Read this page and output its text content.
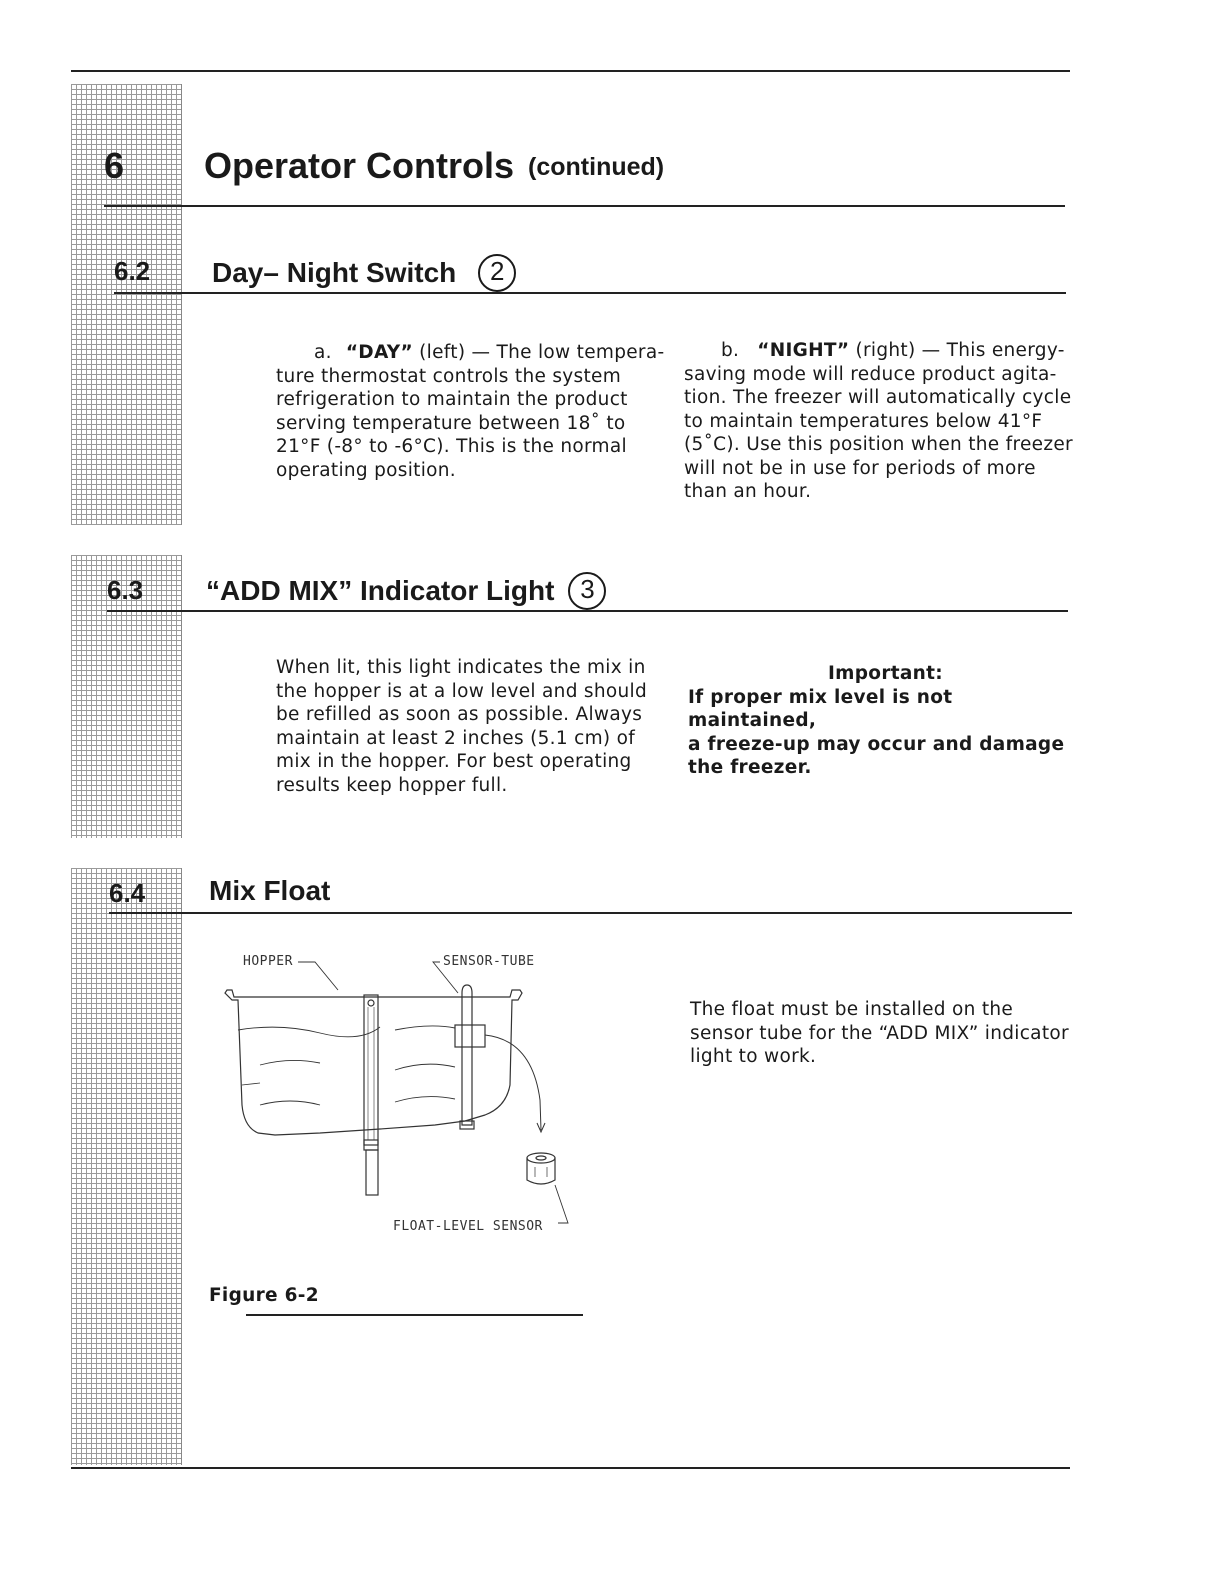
6 Operator Controls (continued)
6.2 Day– Night Switch 2
a. “DAY” (left) — The low tempera-
ture thermostat controls the system
refrigeration to maintain the product
serving temperature between 18˚ to
21°F (-8° to -6°C). This is the normal
operating position.
b. “NIGHT” (right) — This energy-
saving mode will reduce product agita-
tion. The freezer will automatically cycle
to maintain temperatures below 41°F
(5˚C). Use this position when the freezer
will not be in use for periods of more
than an hour.
6.3 “ADD MIX” Indicator Light 3
When lit, this light indicates the mix in
the hopper is at a low level and should
be refilled as soon as possible. Always
maintain at least 2 inches (5.1 cm) of
mix in the hopper. For best operating
results keep hopper full.
Important:
If proper mix level is not maintained,
a freeze-up may occur and damage
the freezer.
6.4 Mix Float
The float must be installed on the
sensor tube for the “ADD MIX” indicator
light to work.
HOPPER	SENSOR-TUBE
FLOAT-LEVEL SENSOR
Figure 6-2
